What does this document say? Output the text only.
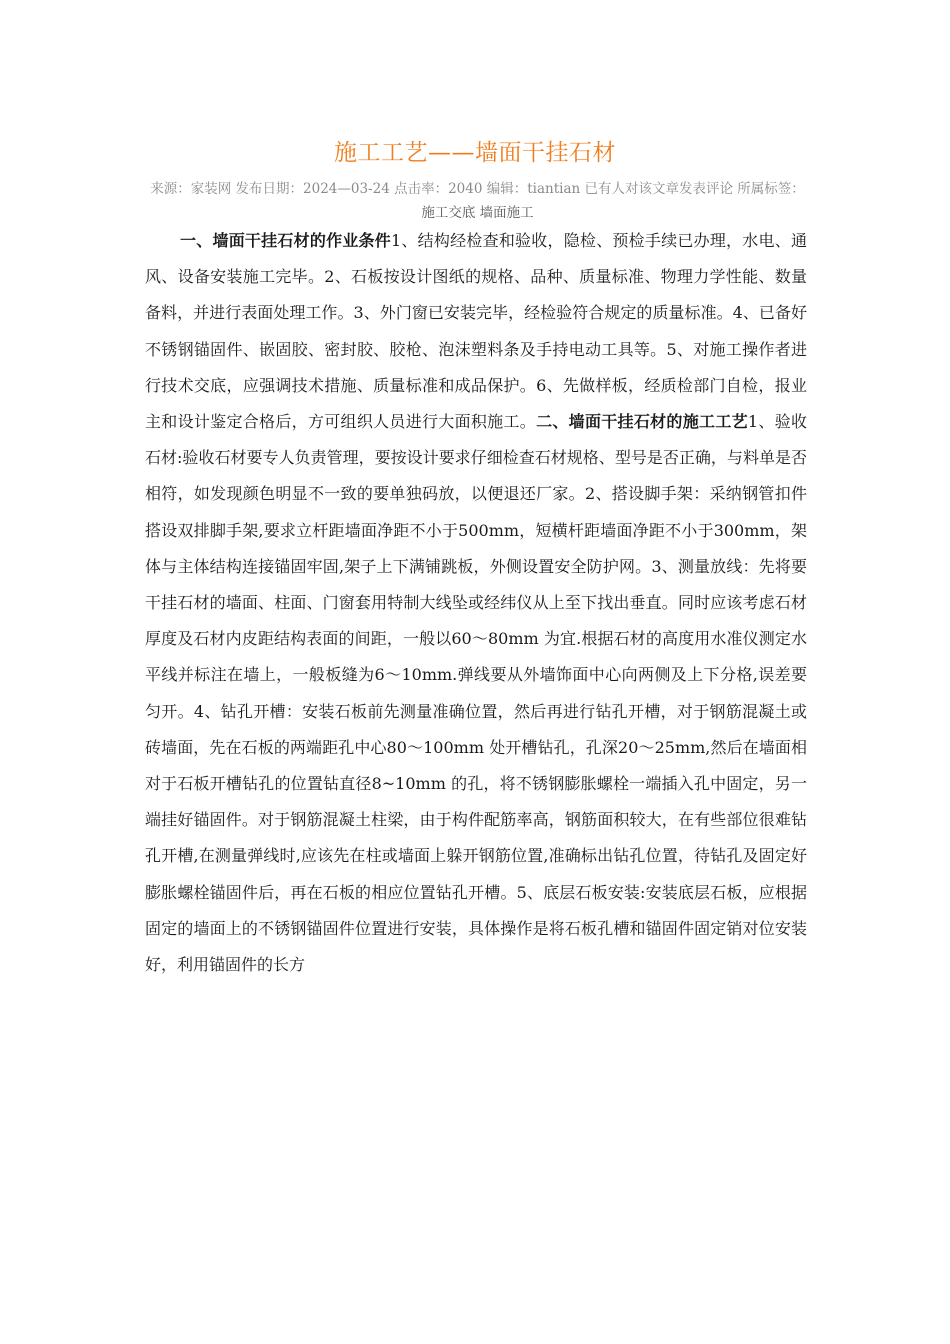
施工工艺——墙面干挂石材

来源：家装网 发布日期：2024—03-24 点击率：2040 编辑：tiantian 已有人对该文章发表评论 所属标签： 施工交底 墙面施工

一、墙面干挂石材的作业条件1、结构经检查和验收，隐检、预检手续已办理，水电、通风、设备安装施工完毕。2、石板按设计图纸的规格、品种、质量标准、物理力学性能、数量备料，并进行表面处理工作。3、外门窗已安装完毕，经检验符合规定的质量标准。4、已备好不锈钢锚固件、嵌固胶、密封胶、胶枪、泡沫塑料条及手持电动工具等。5、对施工操作者进行技术交底，应强调技术措施、质量标准和成品保护。6、先做样板，经质检部门自检，报业主和设计鉴定合格后，方可组织人员进行大面积施工。二、墙面干挂石材的施工工艺1、验收石材:验收石材要专人负责管理，要按设计要求仔细检查石材规格、型号是否正确，与料单是否相符，如发现颜色明显不一致的要单独码放，以便退还厂家。2、搭设脚手架：采纳钢管扣件搭设双排脚手架,要求立杆距墙面净距不小于500mm，短横杆距墙面净距不小于300mm，架体与主体结构连接锚固牢固,架子上下满铺跳板，外侧设置安全防护网。3、测量放线：先将要干挂石材的墙面、柱面、门窗套用特制大线坠或经纬仪从上至下找出垂直。同时应该考虑石材厚度及石材内皮距结构表面的间距，一般以60～80mm 为宜.根据石材的高度用水准仪测定水平线并标注在墙上，一般板缝为6～10mm.弹线要从外墙饰面中心向两侧及上下分格,误差要匀开。4、钻孔开槽：安装石板前先测量准确位置，然后再进行钻孔开槽，对于钢筋混凝土或砖墙面，先在石板的两端距孔中心80～100mm 处开槽钻孔，孔深20～25mm,然后在墙面相对于石板开槽钻孔的位置钻直径8~10mm 的孔，将不锈钢膨胀螺栓一端插入孔中固定，另一端挂好锚固件。对于钢筋混凝土柱梁，由于构件配筋率高，钢筋面积较大，在有些部位很难钻孔开槽,在测量弹线时,应该先在柱或墙面上躲开钢筋位置,准确标出钻孔位置，待钻孔及固定好膨胀螺栓锚固件后，再在石板的相应位置钻孔开槽。5、底层石板安装:安装底层石板，应根据固定的墙面上的不锈钢锚固件位置进行安装，具体操作是将石板孔槽和锚固件固定销对位安装好，利用锚固件的长方
